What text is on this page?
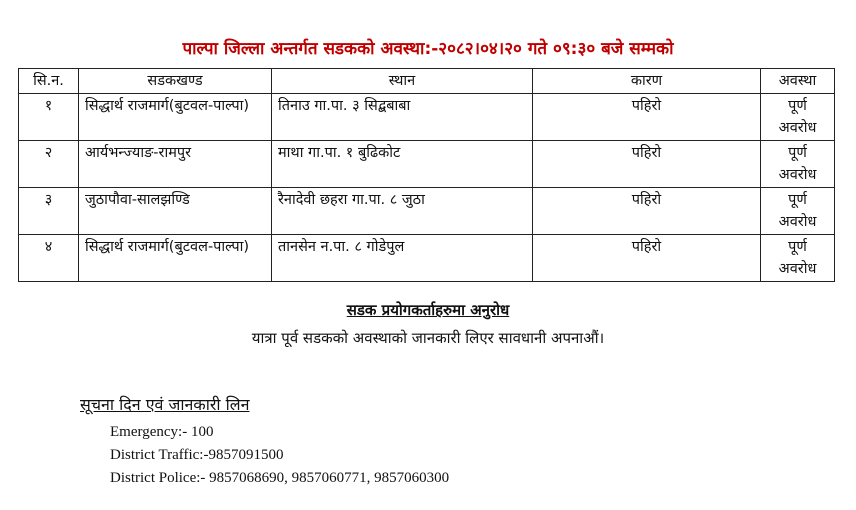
पाल्पा जिल्ला अन्तर्गत सडकको अवस्था:-२०८२।०४।२० गते ०९:३० बजे सम्मको
सि.न.	सडकखण्ड	स्थान	कारण	अवस्था
१	सिद्धार्थ राजमार्ग(बुटवल-पाल्पा)	तिनाउ गा.पा. ३ सिद्बबाबा	पहिरो	पूर्ण अवरोध
२	आर्यभन्ज्याङ-रामपुर	माथा गा.पा. १ बुढिकोट	पहिरो	पूर्ण अवरोध
३	जुठापौवा-सालझण्डि	रैनादेवी छहरा गा.पा. ८ जुठा	पहिरो	पूर्ण अवरोध
४	सिद्धार्थ राजमार्ग(बुटवल-पाल्पा)	तानसेन न.पा. ८ गोडेपुल	पहिरो	पूर्ण अवरोध
सडक प्रयोगकर्ताहरुमा अनुरोध
यात्रा पूर्व सडकको अवस्थाको जानकारी लिएर सावधानी अपनाऔं।
सूचना दिन एवं जानकारी लिन
Emergency:- 100
District Traffic:-9857091500
District Police:- 9857068690, 9857060771, 9857060300
